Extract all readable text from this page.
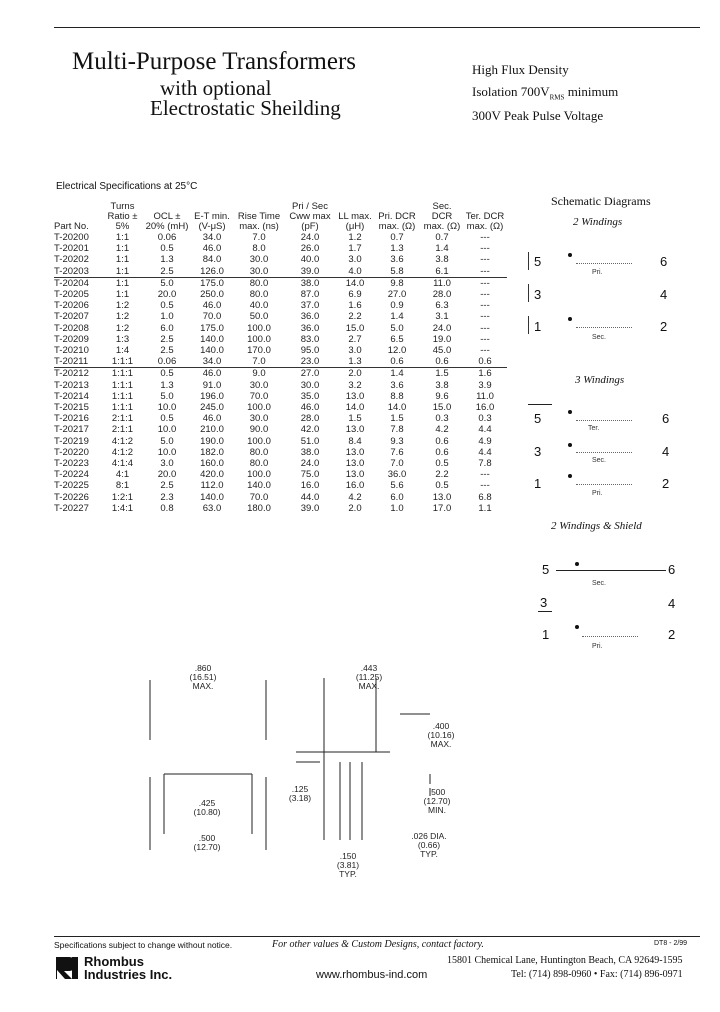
Multi-Purpose Transformers
with optional
Electrostatic Sheilding
High Flux Density
Isolation $700V_{RMS}$ minimum
300V Peak Pulse Voltage
Electrical Specifications at 25°C
Part No.	Turns Ratio ± 5%	OCL ± 20% (mH)	E-T min. (V-μS)	Rise Time max. (ns)	Pri / Sec Cww max (pF)	LL max. (μH)	Pri. DCR max. (Ω)	Sec. DCR max. (Ω)	Ter. DCR max. (Ω)
T-20200	1:1	0.06	34.0	7.0	24.0	1.2	0.7	0.7	---
T-20201	1:1	0.5	46.0	8.0	26.0	1.7	1.3	1.4	---
T-20202	1:1	1.3	84.0	30.0	40.0	3.0	3.6	3.8	---
T-20203	1:1	2.5	126.0	30.0	39.0	4.0	5.8	6.1	---
T-20204	1:1	5.0	175.0	80.0	38.0	14.0	9.8	11.0	---
T-20205	1:1	20.0	250.0	80.0	87.0	6.9	27.0	28.0	---
T-20206	1:2	0.5	46.0	40.0	37.0	1.6	0.9	6.3	---
T-20207	1:2	1.0	70.0	50.0	36.0	2.2	1.4	3.1	---
T-20208	1:2	6.0	175.0	100.0	36.0	15.0	5.0	24.0	---
T-20209	1:3	2.5	140.0	100.0	83.0	2.7	6.5	19.0	---
T-20210	1:4	2.5	140.0	170.0	95.0	3.0	12.0	45.0	---
T-20211	1:1:1	0.06	34.0	7.0	23.0	1.3	0.6	0.6	0.6
T-20212	1:1:1	0.5	46.0	9.0	27.0	2.0	1.4	1.5	1.6
T-20213	1:1:1	1.3	91.0	30.0	30.0	3.2	3.6	3.8	3.9
T-20214	1:1:1	5.0	196.0	70.0	35.0	13.0	8.8	9.6	11.0
T-20215	1:1:1	10.0	245.0	100.0	46.0	14.0	14.0	15.0	16.0
T-20216	2:1:1	0.5	46.0	30.0	28.0	1.5	1.5	0.3	0.3
T-20217	2:1:1	10.0	210.0	90.0	42.0	13.0	7.8	4.2	4.4
T-20219	4:1:2	5.0	190.0	100.0	51.0	8.4	9.3	0.6	4.9
T-20220	4:1:2	10.0	182.0	80.0	38.0	13.0	7.6	0.6	4.4
T-20223	4:1:4	3.0	160.0	80.0	24.0	13.0	7.0	0.5	7.8
T-20224	4:1	20.0	420.0	100.0	75.0	13.0	36.0	2.2	---
T-20225	8:1	2.5	112.0	140.0	16.0	16.0	5.6	0.5	---
T-20226	1:2:1	2.3	140.0	70.0	44.0	4.2	6.0	13.0	6.8
T-20227	1:4:1	0.8	63.0	180.0	39.0	2.0	1.0	17.0	1.1
Schematic Diagrams
2 Windings
5	6
3	4
1	2
Pri.
Sec.
3 Windings
5	6
3	4
1	2
Ter.
Sec.
Pri.
2 Windings & Shield
5	6
Sec.
3	4
1	2
Pri.
.860
(16.51)
MAX.
.443
(11.25)
MAX.
.400
(10.16)
MAX.
.125
(3.18)
.500
(12.70)
MIN.
.425
(10.80)
.500
(12.70)
.026 DIA.
(0.66)
TYP.
.150
(3.81)
TYP.
Specifications subject to change without notice.	For other values & Custom Designs, contact factory.	DT8 - 2/99
Rhombus
Industries Inc.
15801 Chemical Lane, Huntington Beach, CA 92649-1595
www.rhombus-ind.com	Tel: (714) 898-0960 • Fax: (714) 896-0971
